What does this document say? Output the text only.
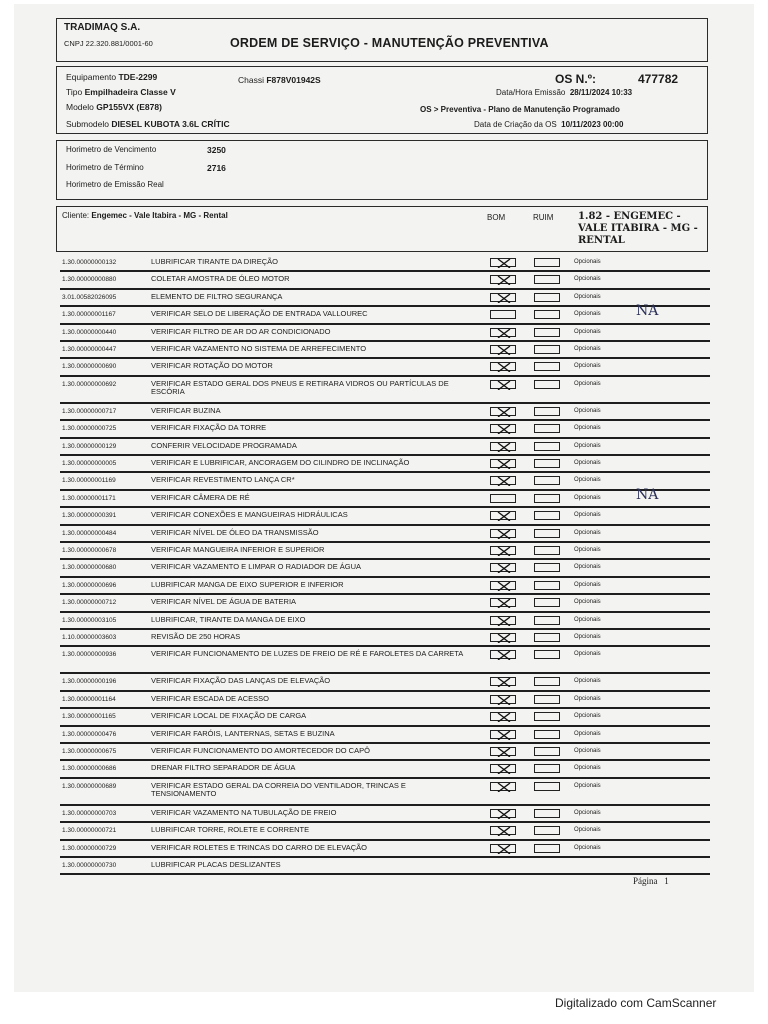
TRADIMAQ S.A.
CNPJ 22.320.881/0001-60	ORDEM DE SERVIÇO - MANUTENÇÃO PREVENTIVA
Equipamento TDE-2299	Chassi F878V01942S
Tipo Empilhadeira Classe V
Modelo GP155VX (E878)
Submodelo DIESEL KUBOTA 3.6L CRÍTIC
OS N.º:	477782
Data/Hora Emissão 28/11/2024 10:33
OS > Preventiva - Plano de Manutenção Programado
Data de Criação da OS 10/11/2023 00:00
Horimetro de Vencimento	3250
Horimetro de Término	2716
Horimetro de Emissão Real
Cliente: Engemec - Vale Itabira - MG - Rental	BOM	RUIM 1.82 - ENGEMEC - VALE ITABIRA - MG - RENTAL
1.30.00000000132	LUBRIFICAR TIRANTE DA DIREÇÃO	Opcionais
1.30.00000000880	COLETAR AMOSTRA DE ÓLEO MOTOR	Opcionais
3.01.00582026095	ELEMENTO DE FILTRO SEGURANÇA	Opcionais
1.30.00000001167	VERIFICAR SELO DE LIBERAÇÃO DE ENTRADA VALLOUREC	Opcionais	NA
1.30.00000000440	VERIFICAR FILTRO DE AR DO AR CONDICIONADO	Opcionais
1.30.00000000447	VERIFICAR VAZAMENTO NO SISTEMA DE ARREFECIMENTO	Opcionais
1.30.00000000690	VERIFICAR ROTAÇÃO DO MOTOR	Opcionais
1.30.00000000692	VERIFICAR ESTADO GERAL DOS PNEUS E RETIRARA VIDROS OU PARTÍCULAS DE ESCÓRIA
Opcionais
1.30.00000000717	VERIFICAR BUZINA	Opcionais
1.30.00000000725	VERIFICAR FIXAÇÃO DA TORRE	Opcionais
1.30.00000000129	CONFERIR VELOCIDADE PROGRAMADA	Opcionais
1.30.00000000005	VERIFICAR E LUBRIFICAR, ANCORAGEM DO CILINDRO DE INCLINAÇÃO	Opcionais
1.30.00000001169	VERIFICAR REVESTIMENTO LANÇA CR*	Opcionais
1.30.00000001171	VERIFICAR CÂMERA DE RÉ	Opcionais	NA
1.30.00000000391	VERIFICAR CONEXÕES E MANGUEIRAS HIDRÁULICAS	Opcionais
1.30.00000000484	VERIFICAR NÍVEL DE ÓLEO DA TRANSMISSÃO	Opcionais
1.30.00000000678	VERIFICAR MANGUEIRA INFERIOR E SUPERIOR	Opcionais
1.30.00000000680	VERIFICAR VAZAMENTO E LIMPAR O RADIADOR DE ÁGUA	Opcionais
1.30.00000000696	LUBRIFICAR MANGA DE EIXO SUPERIOR E INFERIOR	Opcionais
1.30.00000000712	VERIFICAR NÍVEL DE ÁGUA DE BATERIA	Opcionais
1.30.00000003105	LUBRIFICAR, TIRANTE DA MANGA DE EIXO	Opcionais
1.10.00000003603	REVISÃO DE 250 HORAS	Opcionais
1.30.00000000936	VERIFICAR FUNCIONAMENTO DE LUZES DE FREIO DE RÉ E FAROLETES DA CARRETA	Opcionais
1.30.00000000196	VERIFICAR FIXAÇÃO DAS LANÇAS DE ELEVAÇÃO	Opcionais
1.30.00000001164	VERIFICAR ESCADA DE ACESSO	Opcionais
1.30.00000001165	VERIFICAR LOCAL DE FIXAÇÃO DE CARGA	Opcionais
1.30.00000000476	VERIFICAR FARÓIS, LANTERNAS, SETAS E BUZINA	Opcionais
1.30.00000000675	VERIFICAR FUNCIONAMENTO DO AMORTECEDOR DO CAPÔ	Opcionais
1.30.00000000686	DRENAR FILTRO SEPARADOR DE ÁGUA	Opcionais
1.30.00000000689	VERIFICAR ESTADO GERAL DA CORREIA DO VENTILADOR, TRINCAS E TENSIONAMENTO
Opcionais
1.30.00000000703	VERIFICAR VAZAMENTO NA TUBULAÇÃO DE FREIO	Opcionais
1.30.00000000721	LUBRIFICAR TORRE, ROLETE E CORRENTE	Opcionais
1.30.00000000729	VERIFICAR ROLETES E TRINCAS DO CARRO DE ELEVAÇÃO	Opcionais
1.30.00000000730	LUBRIFICAR PLACAS DESLIZANTES
Página 1
Digitalizado com CamScanner
